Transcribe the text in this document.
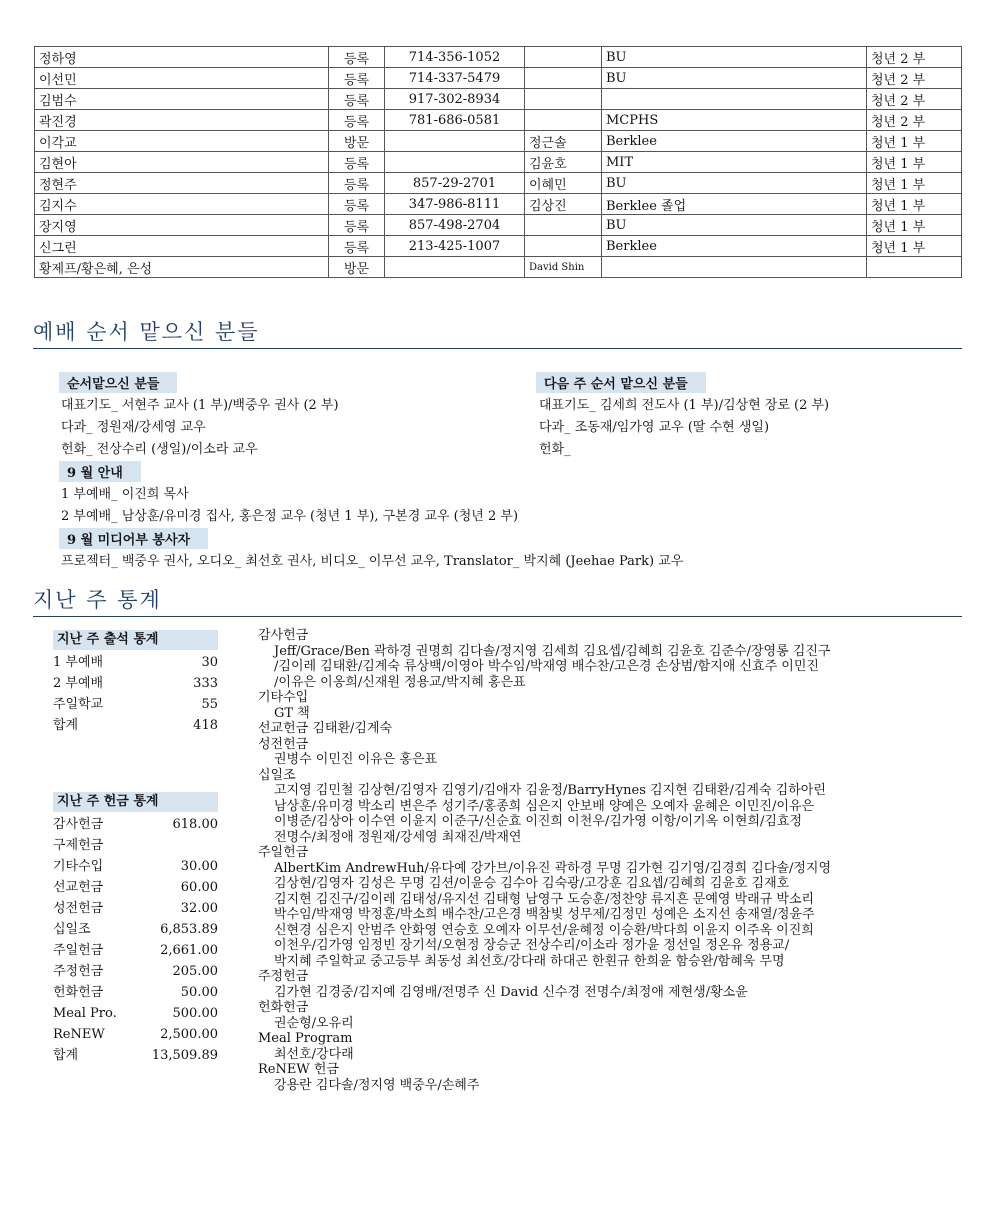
정하영	등록	714-356-1052		BU	청년 2 부
이선민	등록	714-337-5479		BU	청년 2 부
김범수	등록	917-302-8934			청년 2 부
곽진경	등록	781-686-0581		MCPHS	청년 2 부
이각교	방문		정근솔	Berklee	청년 1 부
김현아	등록		김윤호	MIT	청년 1 부
정현주	등록	857-29-2701	이혜민	BU	청년 1 부
김지수	등록	347-986-8111	김상진	Berklee 졸업	청년 1 부
장지영	등록	857-498-2704		BU	청년 1 부
신그린	등록	213-425-1007		Berklee	청년 1 부
황제프/황은혜, 은성	방문		David Shin		
예배 순서 맡으신 분들
순서맡으신 분들
대표기도_ 서현주 교사 (1 부)/백중우 권사 (2 부)
다과_ 정원재/강세영 교우
헌화_ 전상수리 (생일)/이소라 교우
다음 주 순서 맡으신 분들
대표기도_ 김세희 전도사 (1 부)/김상현 장로 (2 부)
다과_ 조동재/임가영 교우 (딸 수현 생일)
헌화_
9 월 안내
1 부예배_ 이진희 목사
2 부예배_ 남상훈/유미경 집사, 홍은정 교우 (청년 1 부), 구본경 교우 (청년 2 부)
9 월 미디어부 봉사자
프로젝터_ 백중우 권사, 오디오_ 최선호 권사, 비디오_ 이무선 교우, Translator_ 박지혜 (Jeehae Park) 교우
지난 주 통계
지난 주 출석 통계
1 부예배	30
2 부예배	333
주일학교	55
합계	418
지난 주 헌금 통계
감사헌금	618.00
구제헌금
기타수입	30.00
선교헌금	60.00
성전헌금	32.00
십일조	6,853.89
주일헌금	2,661.00
주정헌금	205.00
헌화헌금	50.00
Meal Pro.	500.00
ReNEW	2,500.00
합계	13,509.89
감사헌금
Jeff/Grace/Ben 곽하경 권명희 김다솔/정지영 김세희 김요셉/김혜희 김윤호 김준수/장영롱 김진구
/김이레 김태환/김계숙 류상백/이영아 박수임/박재영 배수찬/고은경 손상범/함지애 신효주 이민진
/이유은 이옹희/신재원 정용교/박지혜 홍은표
기타수입
GT 책
선교헌금 김태환/김계숙
성전헌금
권병수 이민진 이유은 홍은표
십일조
고지영 김민철 김상현/김영자 김영기/김애자 김윤정/BarryHynes 김지현 김태환/김계숙 김하아린
남상훈/유미경 박소리 변은주 성기주/홍종희 심은지 안보배 양예은 오예자 윤혜은 이민진/이유은
이병준/김상아 이수연 이윤지 이준구/신순효 이진희 이천우/김가영 이항/이기옥 이현희/김효정
전명수/최정애 정원재/강세영 최재진/박재연
주일헌금
AlbertKim AndrewHuh/유다예 강가브/이유진 곽하경 무명 김가현 김기영/김경희 김다솔/정지영
김상현/김영자 김성은 무명 김션/이윤승 김수아 김숙광/고강훈 김요셉/김혜희 김윤호 김재호
김지현 김진구/김이레 김태성/유지선 김태형 남영구 도승훈/정찬양 류지흔 문예영 박래규 박소리
박수임/박재영 박정훈/박소희 배수찬/고은경 백참빛 성무제/김정민 성예은 소지선 송재열/정윤주
신현경 심은지 안범주 안화영 연승호 오예자 이무선/윤혜정 이승환/박다희 이윤지 이주옥 이진희
이천우/김가영 임정빈 장기석/오현정 장승군 전상수리/이소라 정가윤 정선일 정온유 정용교/
박지혜 주일학교 중고등부 최동성 최선호/강다래 하대곤 한흰규 한희윤 함승완/함혜욱 무명
주정헌금
김가현 김경중/김지예 김영배/전명주 신 David 신수경 전명수/최정애 제현생/황소윤
헌화헌금
권순형/오유리
Meal Program
최선호/강다래
ReNEW 헌금
강용란 김다솔/정지영 백중우/손혜주
